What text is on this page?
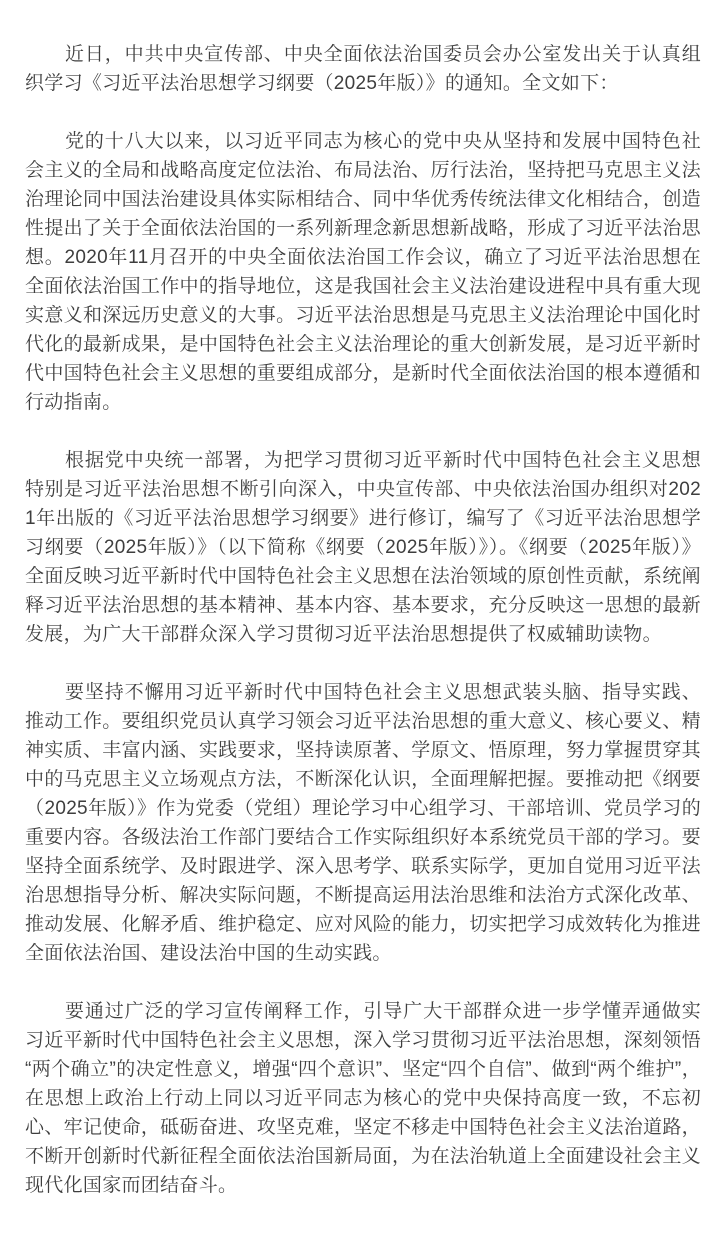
近日，中共中央宣传部、中央全面依法治国委员会办公室发出关于认真组织学习《习近平法治思想学习纲要（2025年版）》的通知。全文如下：

党的十八大以来，以习近平同志为核心的党中央从坚持和发展中国特色社会主义的全局和战略高度定位法治、布局法治、厉行法治，坚持把马克思主义法治理论同中国法治建设具体实际相结合、同中华优秀传统法律文化相结合，创造性提出了关于全面依法治国的一系列新理念新思想新战略，形成了习近平法治思想。2020年11月召开的中央全面依法治国工作会议，确立了习近平法治思想在全面依法治国工作中的指导地位，这是我国社会主义法治建设进程中具有重大现实意义和深远历史意义的大事。习近平法治思想是马克思主义法治理论中国化时代化的最新成果，是中国特色社会主义法治理论的重大创新发展，是习近平新时代中国特色社会主义思想的重要组成部分，是新时代全面依法治国的根本遵循和行动指南。

根据党中央统一部署，为把学习贯彻习近平新时代中国特色社会主义思想特别是习近平法治思想不断引向深入，中央宣传部、中央依法治国办组织对2021年出版的《习近平法治思想学习纲要》进行修订，编写了《习近平法治思想学习纲要（2025年版）》（以下简称《纲要（2025年版）》）。《纲要（2025年版）》全面反映习近平新时代中国特色社会主义思想在法治领域的原创性贡献，系统阐释习近平法治思想的基本精神、基本内容、基本要求，充分反映这一思想的最新发展，为广大干部群众深入学习贯彻习近平法治思想提供了权威辅助读物。

要坚持不懈用习近平新时代中国特色社会主义思想武装头脑、指导实践、推动工作。要组织党员认真学习领会习近平法治思想的重大意义、核心要义、精神实质、丰富内涵、实践要求，坚持读原著、学原文、悟原理，努力掌握贯穿其中的马克思主义立场观点方法，不断深化认识，全面理解把握。要推动把《纲要（2025年版）》作为党委（党组）理论学习中心组学习、干部培训、党员学习的重要内容。各级法治工作部门要结合工作实际组织好本系统党员干部的学习。要坚持全面系统学、及时跟进学、深入思考学、联系实际学，更加自觉用习近平法治思想指导分析、解决实际问题，不断提高运用法治思维和法治方式深化改革、推动发展、化解矛盾、维护稳定、应对风险的能力，切实把学习成效转化为推进全面依法治国、建设法治中国的生动实践。

要通过广泛的学习宣传阐释工作，引导广大干部群众进一步学懂弄通做实习近平新时代中国特色社会主义思想，深入学习贯彻习近平法治思想，深刻领悟“两个确立”的决定性意义，增强“四个意识”、坚定“四个自信”、做到“两个维护”，在思想上政治上行动上同以习近平同志为核心的党中央保持高度一致，不忘初心、牢记使命，砥砺奋进、攻坚克难，坚定不移走中国特色社会主义法治道路，不断开创新时代新征程全面依法治国新局面，为在法治轨道上全面建设社会主义现代化国家而团结奋斗。
